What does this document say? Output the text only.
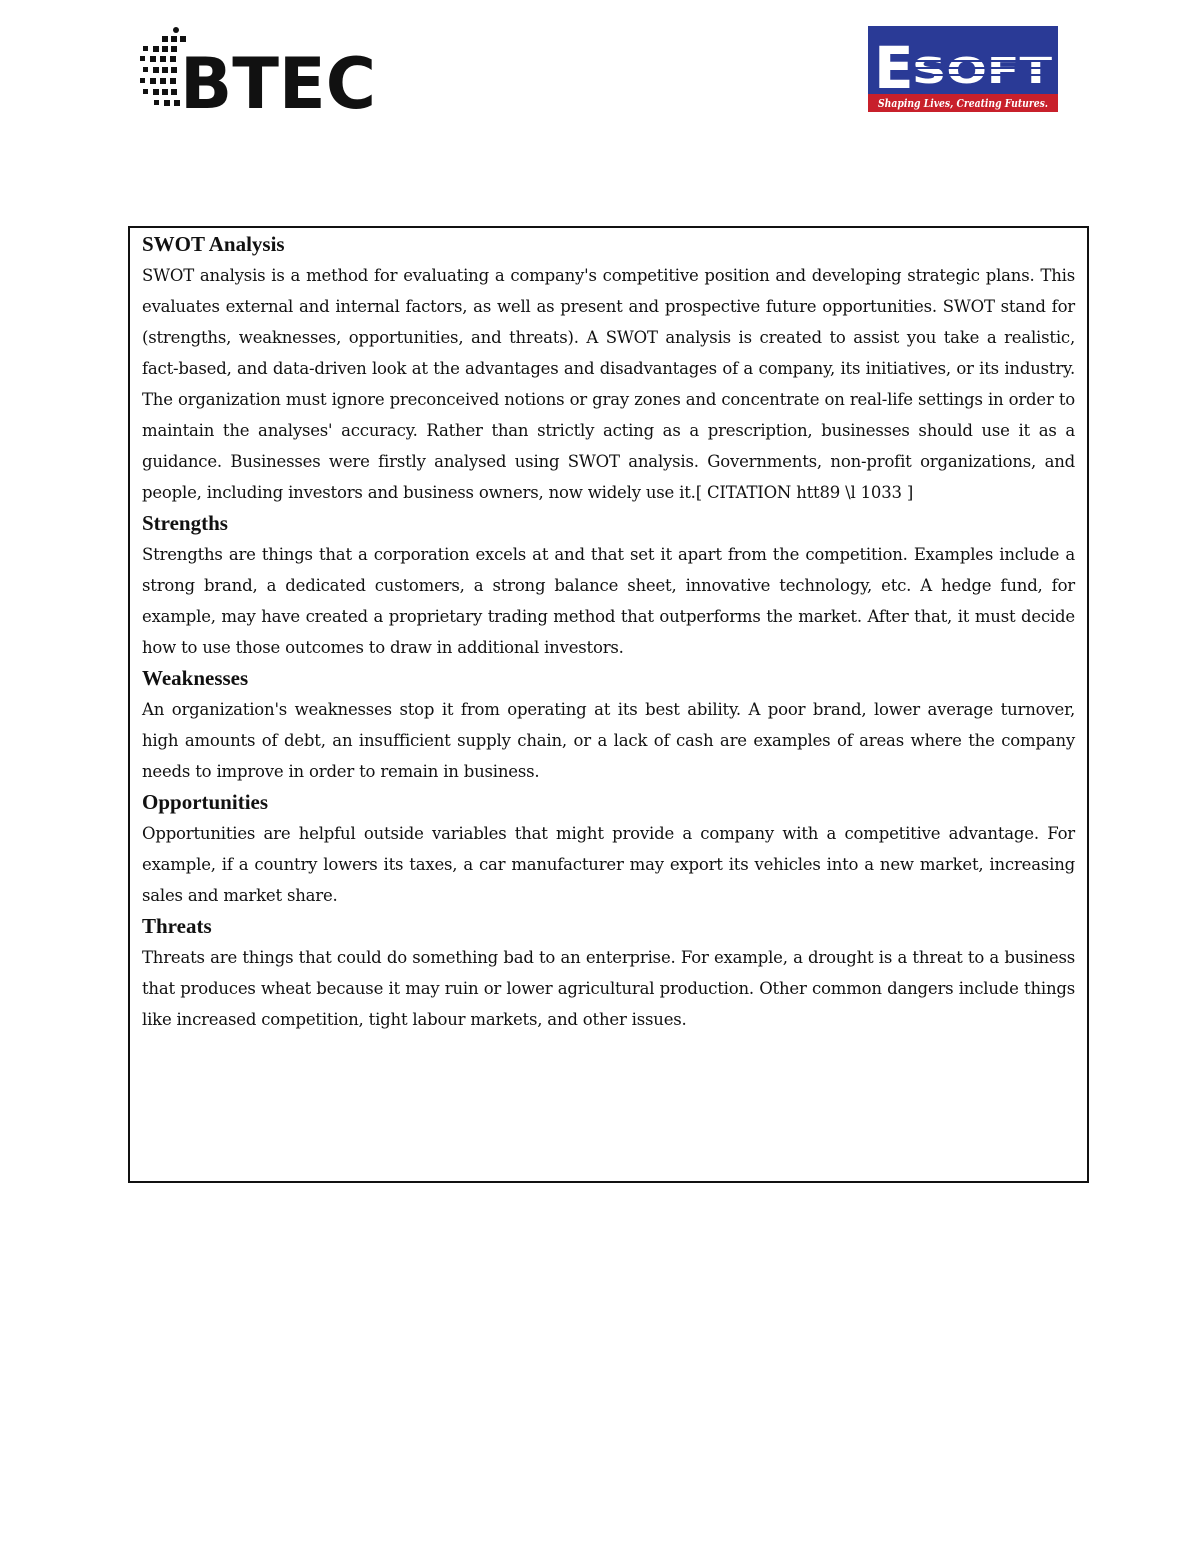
BTEC	E
SOFT
Shaping Lives, Creating Futures.
SWOT Analysis

SWOT analysis is a method for evaluating a company's competitive position and developing strategic plans. This evaluates external and internal factors, as well as present and prospective future opportunities. SWOT stand for (strengths, weaknesses, opportunities, and threats). A SWOT analysis is created to assist you take a realistic, fact-based, and data-driven look at the advantages and disadvantages of a company, its initiatives, or its industry. The organization must ignore preconceived notions or gray zones and concentrate on real-life settings in order to maintain the analyses' accuracy. Rather than strictly acting as a prescription, businesses should use it as a guidance. Businesses were firstly analysed using SWOT analysis. Governments, non-profit organizations, and people, including investors and business owners, now widely use it.[ CITATION htt89 \l 1033 ]

Strengths

Strengths are things that a corporation excels at and that set it apart from the competition. Examples include a strong brand, a dedicated customers, a strong balance sheet, innovative technology, etc. A hedge fund, for example, may have created a proprietary trading method that outperforms the market. After that, it must decide how to use those outcomes to draw in additional investors.

Weaknesses

An organization's weaknesses stop it from operating at its best ability. A poor brand, lower average turnover, high amounts of debt, an insufficient supply chain, or a lack of cash are examples of areas where the company needs to improve in order to remain in business.

Opportunities

Opportunities are helpful outside variables that might provide a company with a competitive advantage. For example, if a country lowers its taxes, a car manufacturer may export its vehicles into a new market, increasing sales and market share.

Threats

Threats are things that could do something bad to an enterprise. For example, a drought is a threat to a business that produces wheat because it may ruin or lower agricultural production. Other common dangers include things like increased competition, tight labour markets, and other issues.
